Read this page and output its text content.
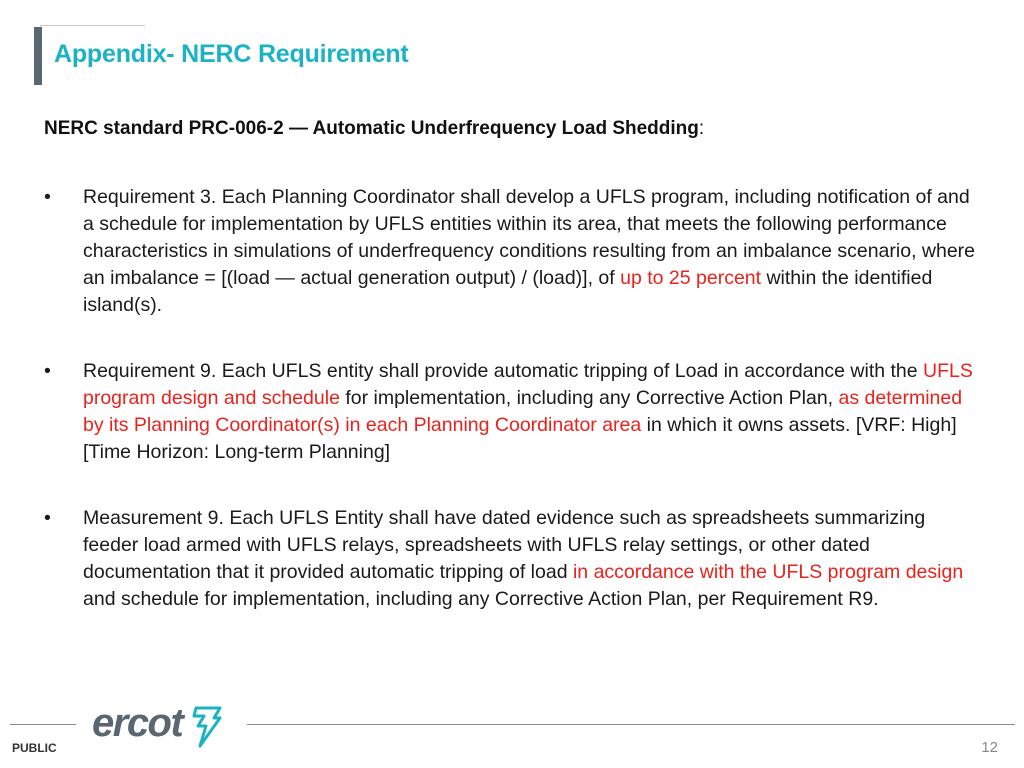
Appendix- NERC Requirement

NERC standard PRC-006-2 — Automatic Underfrequency Load Shedding:

• Requirement 3. Each Planning Coordinator shall develop a UFLS program, including notification of and a schedule for implementation by UFLS entities within its area, that meets the following performance characteristics in simulations of underfrequency conditions resulting from an imbalance scenario, where an imbalance = [(load — actual generation output) / (load)], of up to 25 percent within the identified island(s).
• Requirement 9. Each UFLS entity shall provide automatic tripping of Load in accordance with the UFLS program design and schedule for implementation, including any Corrective Action Plan, as determined by its Planning Coordinator(s) in each Planning Coordinator area in which it owns assets. [VRF: High][Time Horizon: Long-term Planning]
• Measurement 9. Each UFLS Entity shall have dated evidence such as spreadsheets summarizing feeder load armed with UFLS relays, spreadsheets with UFLS relay settings, or other dated documentation that it provided automatic tripping of load in accordance with the UFLS program design and schedule for implementation, including any Corrective Action Plan, per Requirement R9.
ercot
PUBLIC	12
